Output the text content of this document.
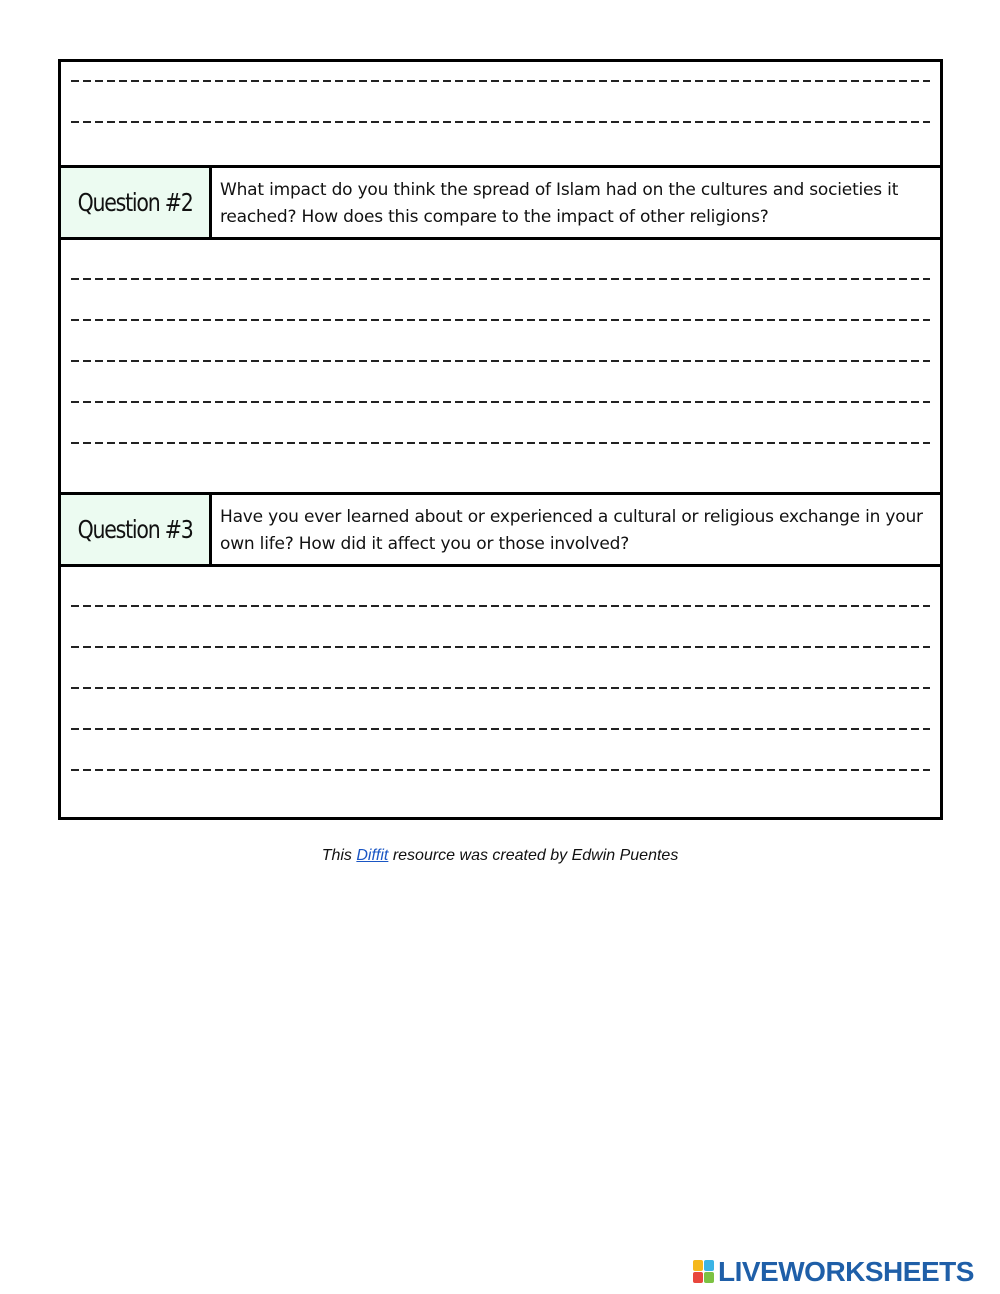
Question #2	What impact do you think the spread of Islam had on the cultures and societies it reached? How does this compare to the impact of other religions?
Question #3	Have you ever learned about or experienced a cultural or religious exchange in your own life? How did it affect you or those involved?
This Diffit resource was created by Edwin Puentes
LIVEWORKSHEETS
